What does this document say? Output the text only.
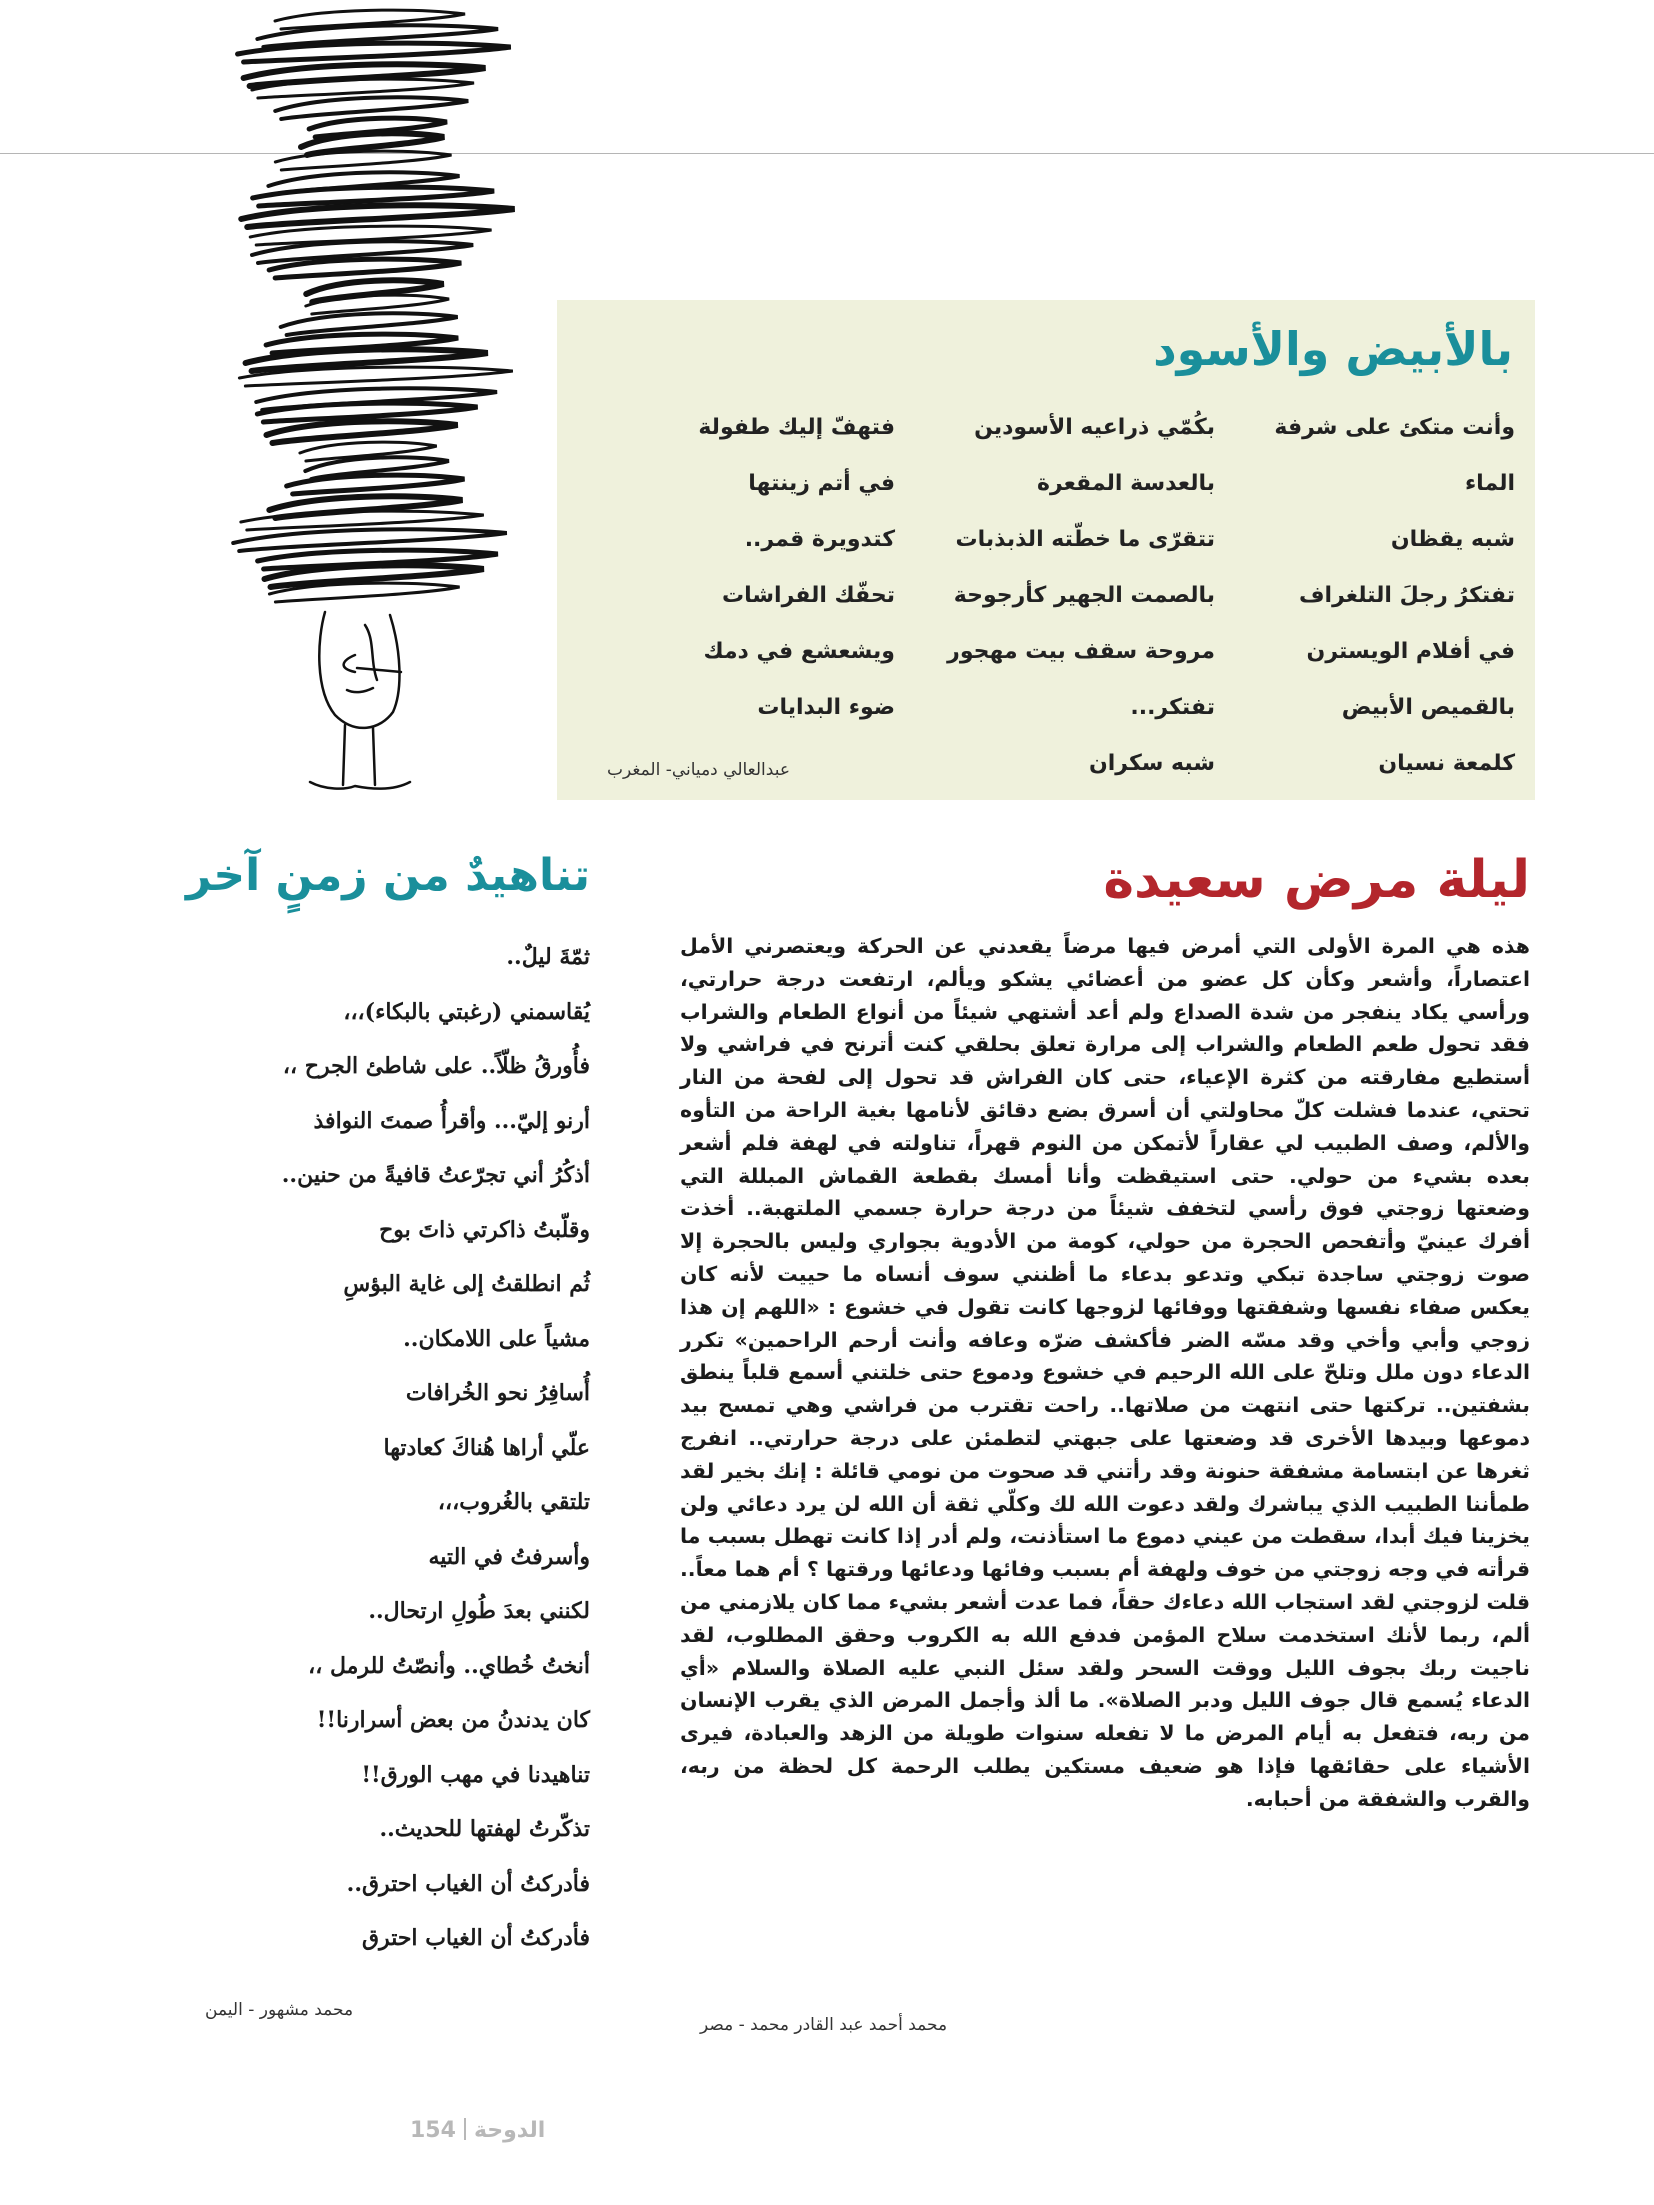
بالأبيض والأسود
وأنت متكئ على شرفة
الماء
شبه يقظان
تفتكرُ رجلَ التلغراف
في أفلام الويسترن
بالقميص الأبيض
كلمعة نسيان
بكُمّي ذراعيه الأسودين
بالعدسة المقعرة
تتقرّى ما خطّته الذبذبات
بالصمت الجهير كأرجوحة
مروحة سقف بيت مهجور
تفتكر...
شبه سكران
فتهفّ إليك طفولة
في أتم زينتها
كتدويرة قمر..
تحفّك الفراشات
ويشعشع في دمك
ضوء البدايات
عبدالعالي دمياني- المغرب
ليلة مرض سعيدة

هذه هي المرة الأولى التي أمرض فيها مرضاً يقعدني عن الحركة ويعتصرني الأمل اعتصاراً، وأشعر وكأن كل عضو من أعضائي يشكو ويألم، ارتفعت درجة حرارتي، ورأسي يكاد ينفجر من شدة الصداع ولم أعد أشتهي شيئاً من أنواع الطعام والشراب فقد تحول طعم الطعام والشراب إلى مرارة تعلق بحلقي كنت أترنح في فراشي ولا أستطيع مفارقته من كثرة الإعياء، حتى كان الفراش قد تحول إلى لفحة من النار تحتي، عندما فشلت كلّ محاولتي أن أسرق بضع دقائق لأنامها بغية الراحة من التأوه والألم، وصف الطبيب لي عقاراً لأتمكن من النوم قهراً، تناولته في لهفة فلم أشعر بعده بشيء من حولي. حتى استيقظت وأنا أمسك بقطعة القماش المبللة التي وضعتها زوجتي فوق رأسي لتخفف شيئاً من درجة حرارة جسمي الملتهبة.. أخذت أفرك عينيّ وأتفحص الحجرة من حولي، كومة من الأدوية بجواري وليس بالحجرة إلا صوت زوجتي ساجدة تبكي وتدعو بدعاء ما أظنني سوف أنساه ما حييت لأنه كان يعكس صفاء نفسها وشفقتها ووفائها لزوجها كانت تقول في خشوع : «اللهم إن هذا زوجي وأبي وأخي وقد مسّه الضر فأكشف ضرّه وعافه وأنت أرحم الراحمين» تكرر الدعاء دون ملل وتلحّ على الله الرحيم في خشوع ودموع حتى خلتني أسمع قلباً ينطق بشفتين.. تركتها حتى انتهت من صلاتها.. راحت تقترب من فراشي وهي تمسح بيد دموعها وبيدها الأخرى قد وضعتها على جبهتي لتطمئن على درجة حرارتي.. انفرج ثغرها عن ابتسامة مشفقة حنونة وقد رأتني قد صحوت من نومي قائلة : إنك بخير لقد طمأننا الطبيب الذي يباشرك ولقد دعوت الله لك وكلّي ثقة أن الله لن يرد دعائي ولن يخزينا فيك أبدا، سقطت من عيني دموع ما استأذنت، ولم أدر إذا كانت تهطل بسبب ما قرأته في وجه زوجتي من خوف ولهفة أم بسبب وفائها ودعائها ورقتها ؟ أم هما معاً.. قلت لزوجتي لقد استجاب الله دعاءك حقاً، فما عدت أشعر بشيء مما كان يلازمني من ألم، ربما لأنك استخدمت سلاح المؤمن فدفع الله به الكروب وحقق المطلوب، لقد ناجيت ربك بجوف الليل ووقت السحر ولقد سئل النبي عليه الصلاة والسلام «أي الدعاء يُسمع قال جوف الليل ودبر الصلاة». ما ألذ وأجمل المرض الذي يقرب الإنسان من ربه، فتفعل به أيام المرض ما لا تفعله سنوات طويلة من الزهد والعبادة، فيرى الأشياء على حقائقها فإذا هو ضعيف مستكين يطلب الرحمة كل لحظة من ربه، والقرب والشفقة من أحبابه.

محمد أحمد عبد القادر محمد - مصر
تناهيدٌ من زمنٍ آخر
ثمّةَ ليلٌ..
يُقاسمني (رغبتي بالبكاء)،،،
فأُورقُ ظلّاً.. على شاطئ الجرح ،،
أرنو إليّ... وأقرأُ صمتَ النوافذ
أذكُرُ أني تجرّعتُ قافيةً من حنين..
وقلّبتُ ذاكرتي ذاتَ بوح
ثُم انطلقتُ إلى غاية البؤسِ
مشياً على اللامكان..
أُسافِرُ نحو الخُرافات
علّي أراها هُناكَ كعادتها
تلتقي بالغُروب،،،
وأسرفتُ في التيه
لكنني بعدَ طُولِ ارتحال..
أنختُ خُطاي.. وأنصّتُ للرمل ،،
كان يدندنُ من بعض أسرارنا!!
تناهيدنا في مهب الورق!!
تذكّرتُ لهفتها للحديث..
فأدركتُ أن الغياب احترق..
فأدركتُ أن الغياب احترق
محمد مشهور - اليمن
الدوحة154
